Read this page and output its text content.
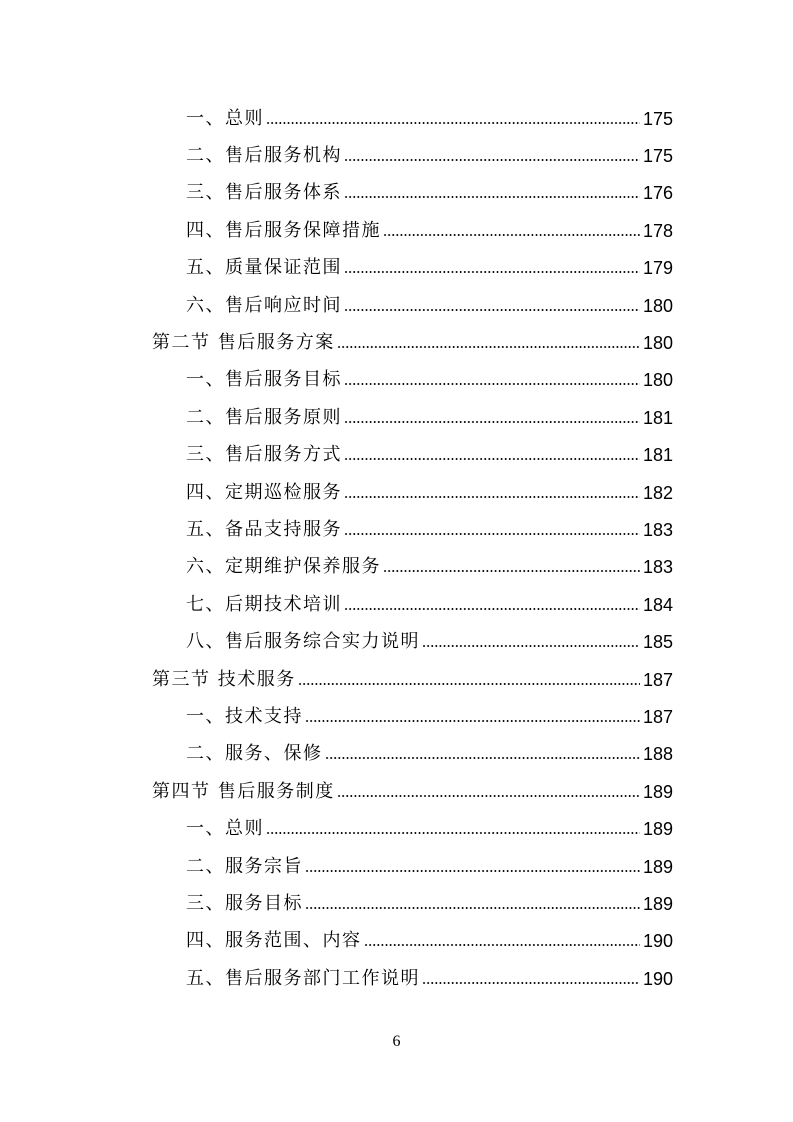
一、总则	175
二、售后服务机构	175
三、售后服务体系	176
四、售后服务保障措施	178
五、质量保证范围	179
六、售后响应时间	180
第二节 售后服务方案	180
一、售后服务目标	180
二、售后服务原则	181
三、售后服务方式	181
四、定期巡检服务	182
五、备品支持服务	183
六、定期维护保养服务	183
七、后期技术培训	184
八、售后服务综合实力说明	185
第三节 技术服务	187
一、技术支持	187
二、服务、保修	188
第四节 售后服务制度	189
一、总则	189
二、服务宗旨	189
三、服务目标	189
四、服务范围、内容	190
五、售后服务部门工作说明	190
6
